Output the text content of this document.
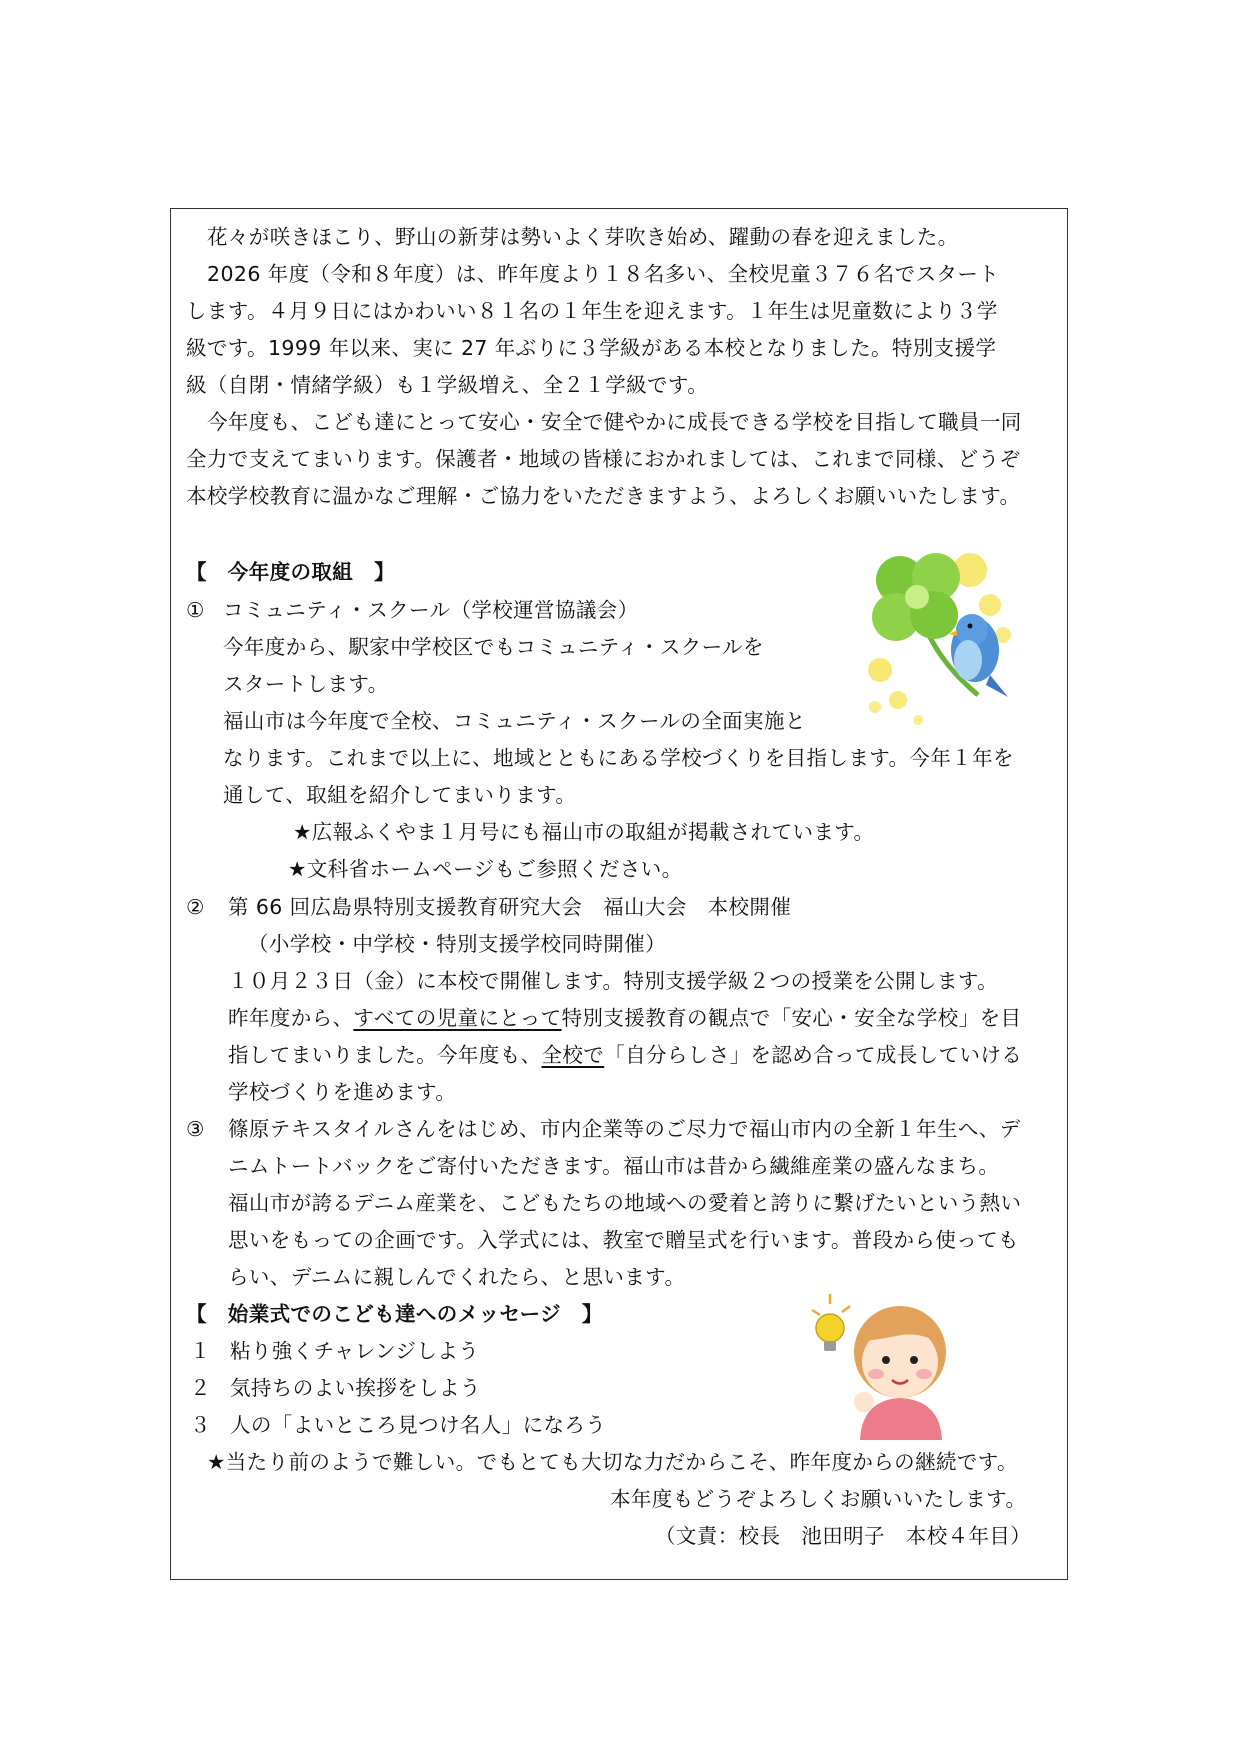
花々が咲きほこり、野山の新芽は勢いよく芽吹き始め、躍動の春を迎えました。
2026 年度（令和８年度）は、昨年度より１８名多い、全校児童３７６名でスタート
します。４月９日にはかわいい８１名の１年生を迎えます。１年生は児童数により３学
級です。1999 年以来、実に 27 年ぶりに３学級がある本校となりました。特別支援学
級（自閉・情緒学級）も１学級増え、全２１学級です。
今年度も、こども達にとって安心・安全で健やかに成長できる学校を目指して職員一同
全力で支えてまいります。保護者・地域の皆様におかれましては、これまで同様、どうぞ
本校学校教育に温かなご理解・ご協力をいただきますよう、よろしくお願いいたします。
【　今年度の取組　】
① コミュニティ・スクール（学校運営協議会）
今年度から、駅家中学校区でもコミュニティ・スクールを
スタートします。
福山市は今年度で全校、コミュニティ・スクールの全面実施と
なります。これまで以上に、地域とともにある学校づくりを目指します。今年１年を
通して、取組を紹介してまいります。
★広報ふくやま１月号にも福山市の取組が掲載されています。
★文科省ホームページもご参照ください。
② 第 66 回広島県特別支援教育研究大会　福山大会　本校開催
（小学校・中学校・特別支援学校同時開催）
１０月２３日（金）に本校で開催します。特別支援学級２つの授業を公開します。
昨年度から、すべての児童にとって特別支援教育の観点で「安心・安全な学校」を目
指してまいりました。今年度も、全校で「自分らしさ」を認め合って成長していける
学校づくりを進めます。
③ 篠原テキスタイルさんをはじめ、市内企業等のご尽力で福山市内の全新１年生へ、デ
ニムトートバックをご寄付いただきます。福山市は昔から繊維産業の盛んなまち。
福山市が誇るデニム産業を、こどもたちの地域への愛着と誇りに繋げたいという熱い
思いをもっての企画です。入学式には、教室で贈呈式を行います。普段から使っても
らい、デニムに親しんでくれたら、と思います。
【　始業式でのこども達へのメッセージ　】
１ 粘り強くチャレンジしよう
２ 気持ちのよい挨拶をしよう
３ 人の「よいところ見つけ名人」になろう
★当たり前のようで難しい。でもとても大切な力だからこそ、昨年度からの継続です。
本年度もどうぞよろしくお願いいたします。
（文責：校長　池田明子　本校４年目）
